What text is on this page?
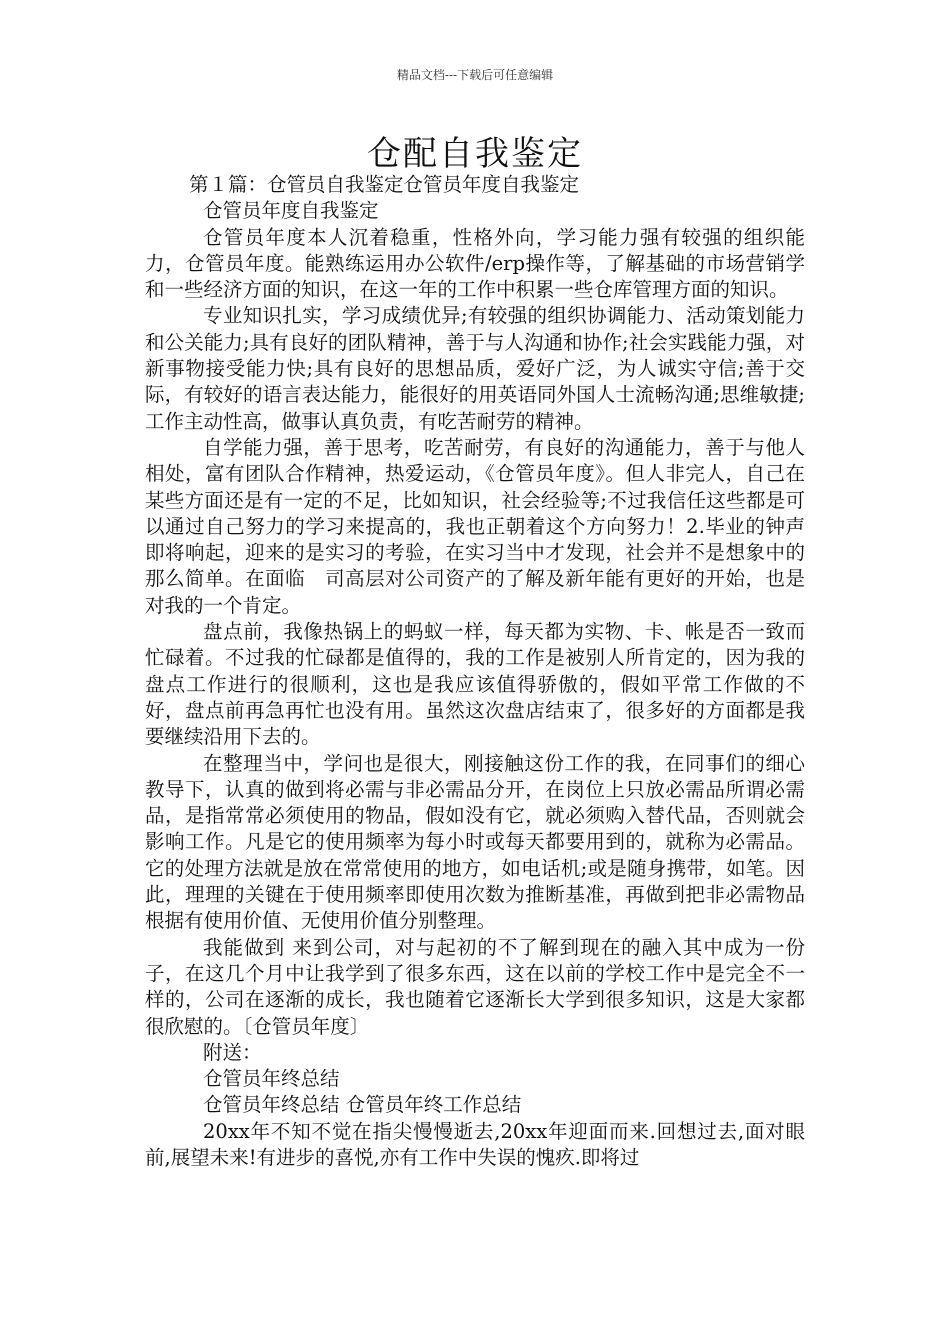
精品文档---下载后可任意编辑
仓配自我鉴定

第１篇：仓管员自我鉴定仓管员年度自我鉴定

仓管员年度自我鉴定

仓管员年度本人沉着稳重，性格外向，学习能力强有较强的组织能力，仓管员年度。能熟练运用办公软件/erp操作等，了解基础的市场营销学和一些经济方面的知识，在这一年的工作中积累一些仓库管理方面的知识。

专业知识扎实，学习成绩优异;有较强的组织协调能力、活动策划能力和公关能力;具有良好的团队精神，善于与人沟通和协作;社会实践能力强，对新事物接受能力快;具有良好的思想品质，爱好广泛，为人诚实守信;善于交际，有较好的语言表达能力，能很好的用英语同外国人士流畅沟通;思维敏捷;工作主动性高，做事认真负责，有吃苦耐劳的精神。

自学能力强，善于思考，吃苦耐劳，有良好的沟通能力，善于与他人相处，富有团队合作精神，热爱运动，《仓管员年度》。但人非完人，自己在某些方面还是有一定的不足，比如知识，社会经验等;不过我信任这些都是可以通过自己努力的学习来提高的，我也正朝着这个方向努力！2.毕业的钟声即将响起，迎来的是实习的考验，在实习当中才发现，社会并不是想象中的那么简单。在面临　司高层对公司资产的了解及新年能有更好的开始，也是对我的一个肯定。

盘点前，我像热锅上的蚂蚁一样，每天都为实物、卡、帐是否一致而忙碌着。不过我的忙碌都是值得的，我的工作是被别人所肯定的，因为我的盘点工作进行的很顺利，这也是我应该值得骄傲的，假如平常工作做的不好，盘点前再急再忙也没有用。虽然这次盘店结束了，很多好的方面都是我要继续沿用下去的。

在整理当中，学问也是很大，刚接触这份工作的我，在同事们的细心教导下，认真的做到将必需与非必需品分开，在岗位上只放必需品所谓必需品，是指常常必须使用的物品，假如没有它，就必须购入替代品，否则就会影响工作。凡是它的使用频率为每小时或每天都要用到的，就称为必需品。它的处理方法就是放在常常使用的地方，如电话机;或是随身携带，如笔。因此，理理的关键在于使用频率即使用次数为推断基准，再做到把非必需物品根据有使用价值、无使用价值分别整理。

我能做到 来到公司，对与起初的不了解到现在的融入其中成为一份子，在这几个月中让我学到了很多东西，这在以前的学校工作中是完全不一样的，公司在逐渐的成长，我也随着它逐渐长大学到很多知识，这是大家都很欣慰的。〔仓管员年度〕

附送：

仓管员年终总结

仓管员年终总结 仓管员年终工作总结

20xx年不知不觉在指尖慢慢逝去,20xx年迎面而来.回想过去,面对眼前,展望未来!有进步的喜悦,亦有工作中失误的愧疚.即将过
